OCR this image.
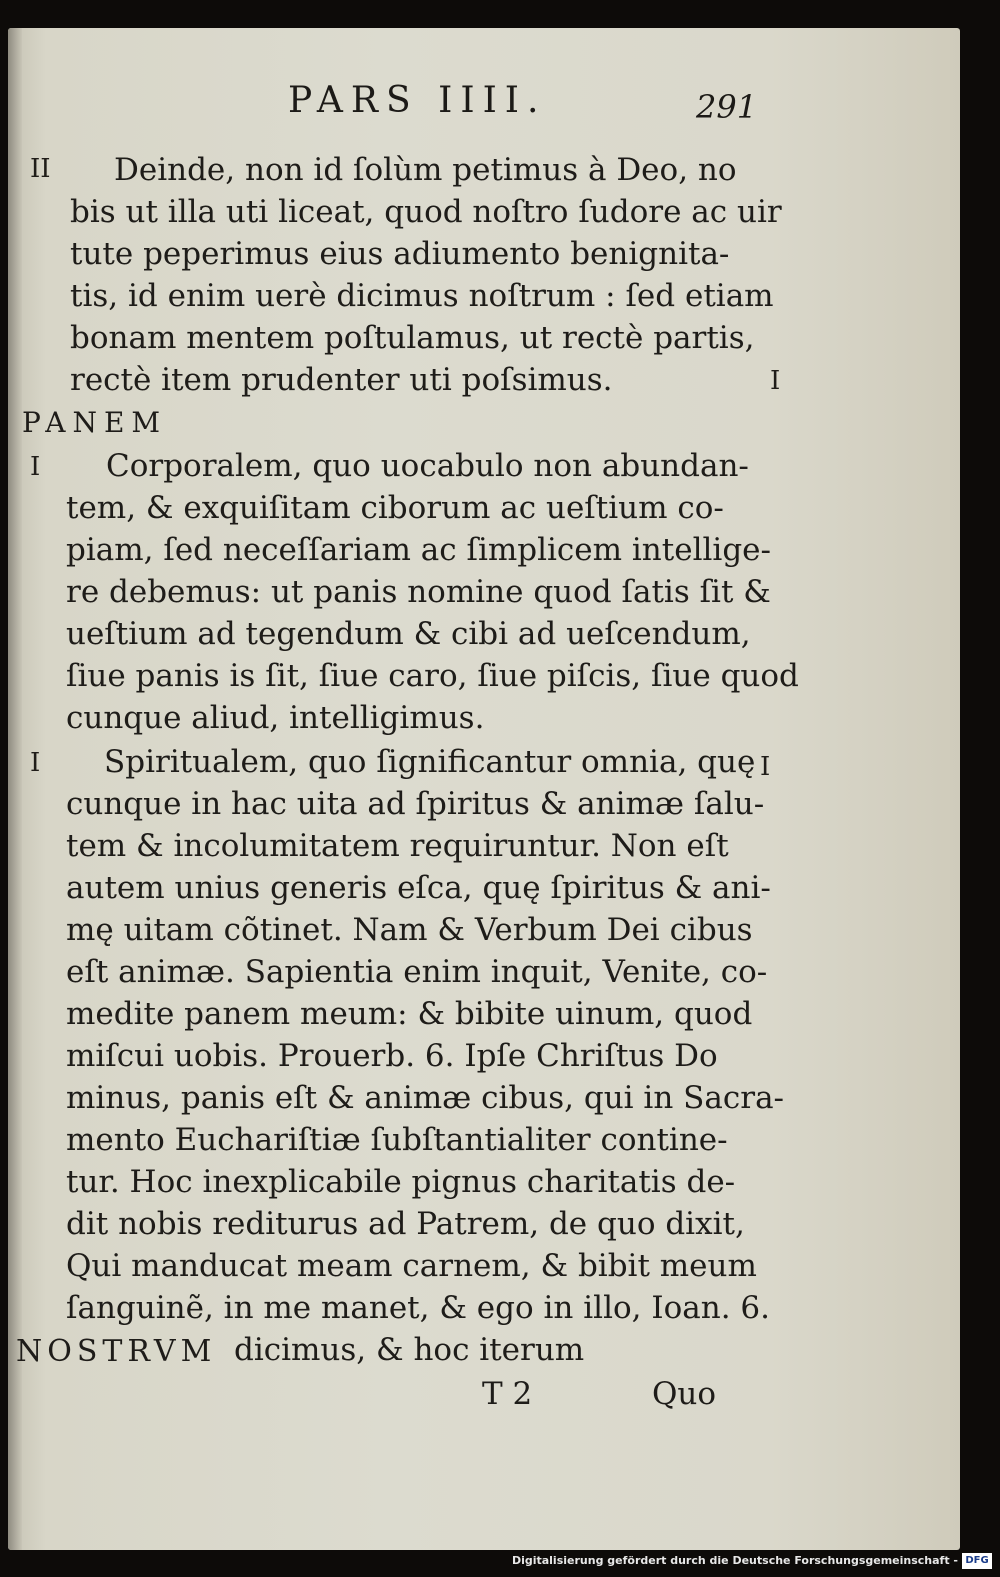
PARS IIII.	291
II Deinde, non id ſolùm petimus à Deo, no
bis ut illa uti liceat, quod noſtro ſudore ac uir
tute peperimus eius adiumento benignita-
tis, id enim uerè dicimus noſtrum : ſed etiam
bonam mentem poſtulamus, ut rectè partis,
rectè item prudenter uti poſsimus.	I
PANEM
I Corporalem, quo uocabulo non abundan-
tem, & exquiſitam ciborum ac ueſtium co-
piam, ſed neceſſariam ac ſimplicem intellige-
re debemus: ut panis nomine quod ſatis ſit &
ueſtium ad tegendum & cibi ad ueſcendum,
ſiue panis is ſit, ſiue caro, ſiue piſcis, ſiue quod
cunque aliud, intelligimus.
I	I
Spiritualem, quo ſignificantur omnia, quę
cunque in hac uita ad ſpiritus & animæ ſalu-
tem & incolumitatem requiruntur. Non eſt
autem unius generis eſca, quę ſpiritus & ani-
mę uitam cõtinet. Nam & Verbum Dei cibus
eſt animæ. Sapientia enim inquit, Venite, co-
medite panem meum: & bibite uinum, quod
miſcui uobis. Prouerb. 6. Ipſe Chriſtus Do
minus, panis eſt & animæ cibus, qui in Sacra-
mento Euchariſtiæ ſubſtantialiter contine-
tur. Hoc inexplicabile pignus charitatis de-
dit nobis rediturus ad Patrem, de quo dixit,
Qui manducat meam carnem, & bibit meum
ſanguinẽ, in me manet, & ego in illo, Ioan. 6.
NOSTRVM dicimus, & hoc iterum
T 2	Quo
Digitalisierung gefördert durch die Deutsche Forschungsgemeinschaft - DFG
